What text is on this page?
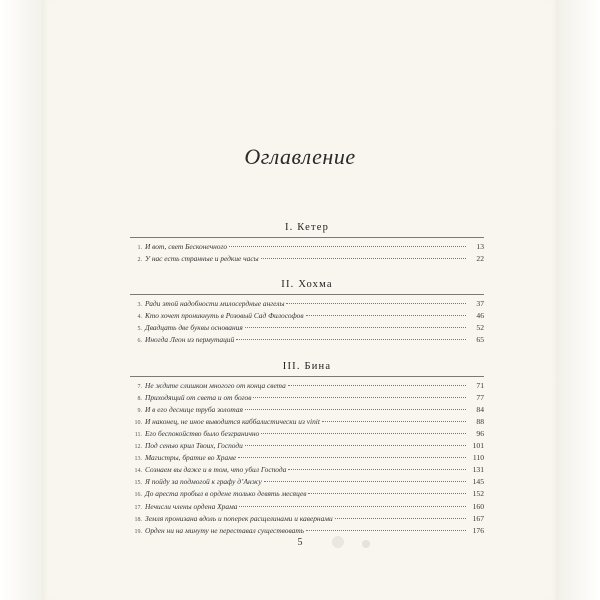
Оглавление
I. Кетер
1. И вот, свет Бесконечного	13
2. У нас есть странные и редкие часы	22
II. Хохма
3. Ради этой надобности милосердные ангелы	37
4. Кто хочет проникнуть в Розовый Сад Философов	46
5. Двадцать две буквы основания	52
6. Иногда Леон из пермутаций	65
III. Бина
7. Не ждите слишком многого от конца света	71
8. Приходящий от света и от богов	77
9. И в его деснице труба золотая	84
10. И наконец, не иное выводится каббалистически из vinit	88
11. Его беспокойство было безгранично	96
12. Под сенью крил Твоих, Господи	101
13. Магистры, братие во Храме	110
14. Сознаем вы даже и в том, что убил Господа	131
15. Я пойду за подмогой к графу д’Анжу	145
16. До ареста пробыл в ордене только девять месяцев	152
17. Нечисли члены ордена Храма	160
18. Земля пронизана вдоль и поперек расщелинами и кавернами	167
19. Орден ни на минуту не переставал существовать	176
5
